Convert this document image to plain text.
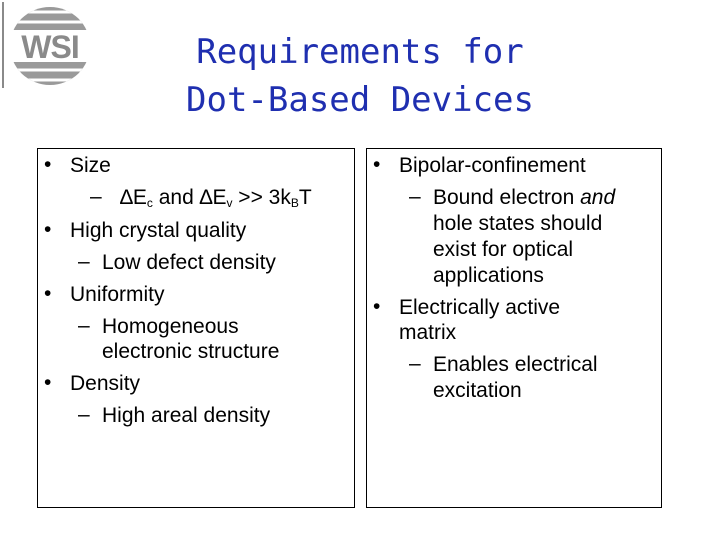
WSI	Requirements for
Dot-Based Devices
• Size
– $\Delta E_c$ and $\Delta E_v >> 3k_BT$
• High crystal quality
– Low defect density
• Uniformity
– Homogeneous
electronic structure
• Density
– High areal density
• Bipolar-confinement
– Bound electron and
hole states should
exist for optical
applications
• Electrically active
matrix
– Enables electrical
excitation
